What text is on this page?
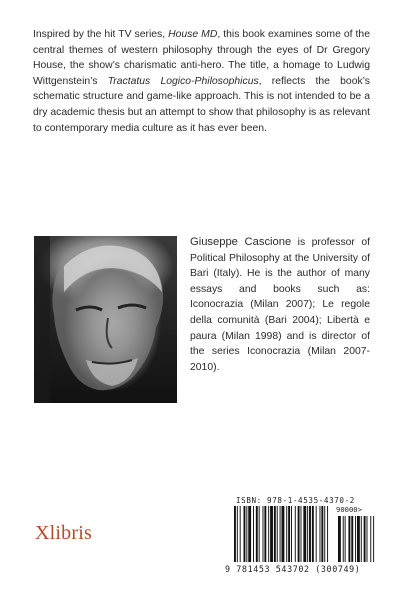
Inspired by the hit TV series, House MD, this book examines some of the central themes of western philosophy through the eyes of Dr Gregory House, the show’s charismatic anti-hero. The title, a homage to Ludwig Wittgenstein’s Tractatus Logico-Philosophicus, reflects the book’s schematic structure and game-like approach. This is not intended to be a dry academic thesis but an attempt to show that philosophy is as relevant to contemporary media culture as it has ever been.

Giuseppe Cascione is professor of Political Philosophy at the University of Bari (Italy). He is the author of many essays and books such as: Iconocrazia (Milan 2007); Le regole della comunità (Bari 2004); Libertà e paura (Milan 1998) and is director of the series Iconocrazia (Milan 2007-2010).

Xlibris
ISBN: 978-1-4535-4370-2
90000>
9 781453 543702 (300749)
